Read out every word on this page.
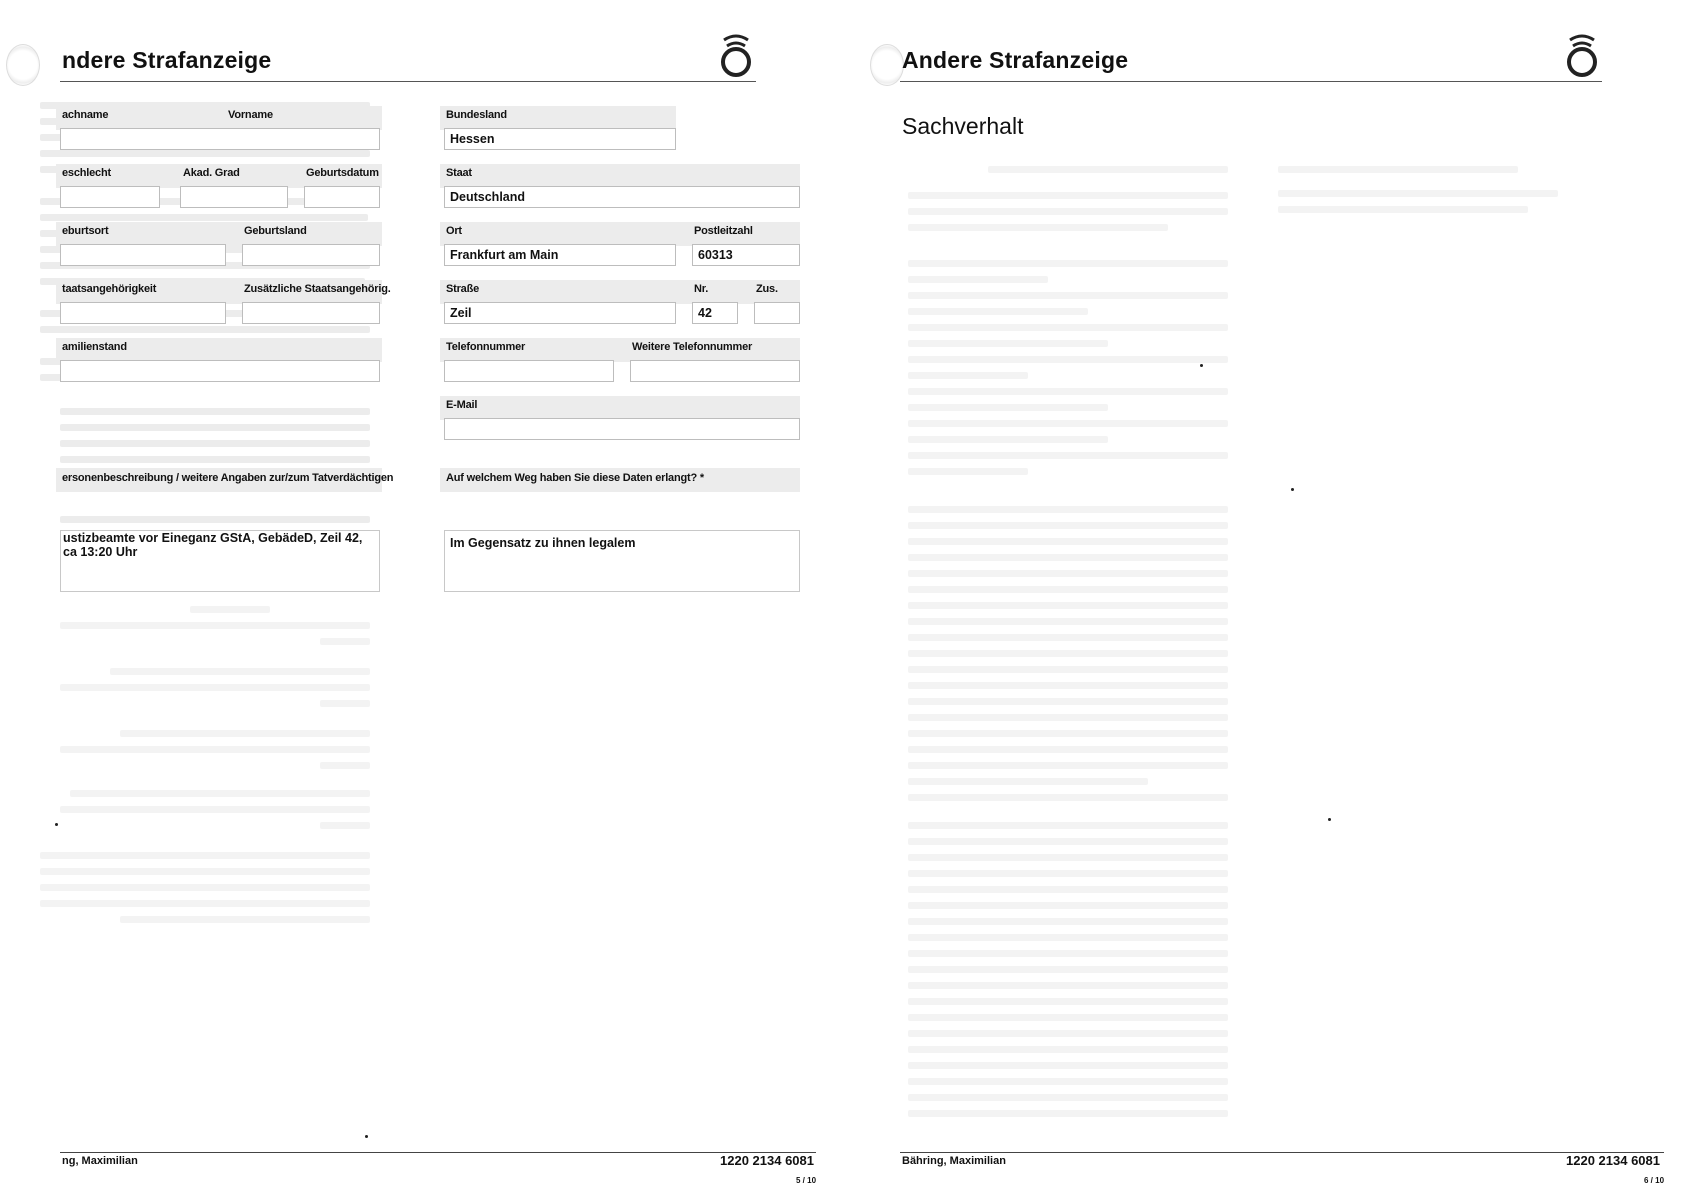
ndere Strafanzeige
achname	Vorname
eschlecht	Akad. Grad	Geburtsdatum
eburtsort	Geburtsland
taatsangehörigkeit	Zusätzliche Staatsangehörig.
amilienstand
Bundesland
Hessen
Staat
Deutschland
Ort	Postleitzahl
Frankfurt am Main	60313
Straße	Nr.	Zus.
Zeil	42
Telefonnummer	Weitere Telefonnummer
E-Mail
ersonenbeschreibung / weitere Angaben zur/zum Tatverdächtigen
ustizbeamte vor Eineganz GStA, GebädeD, Zeil 42, ca 13:20 Uhr
Auf welchem Weg haben Sie diese Daten erlangt? *
Im Gegensatz zu ihnen legalem
ng, Maximilian	1220 2134 6081
5 / 10
Andere Strafanzeige
Sachverhalt
Bähring, Maximilian	1220 2134 6081
6 / 10
